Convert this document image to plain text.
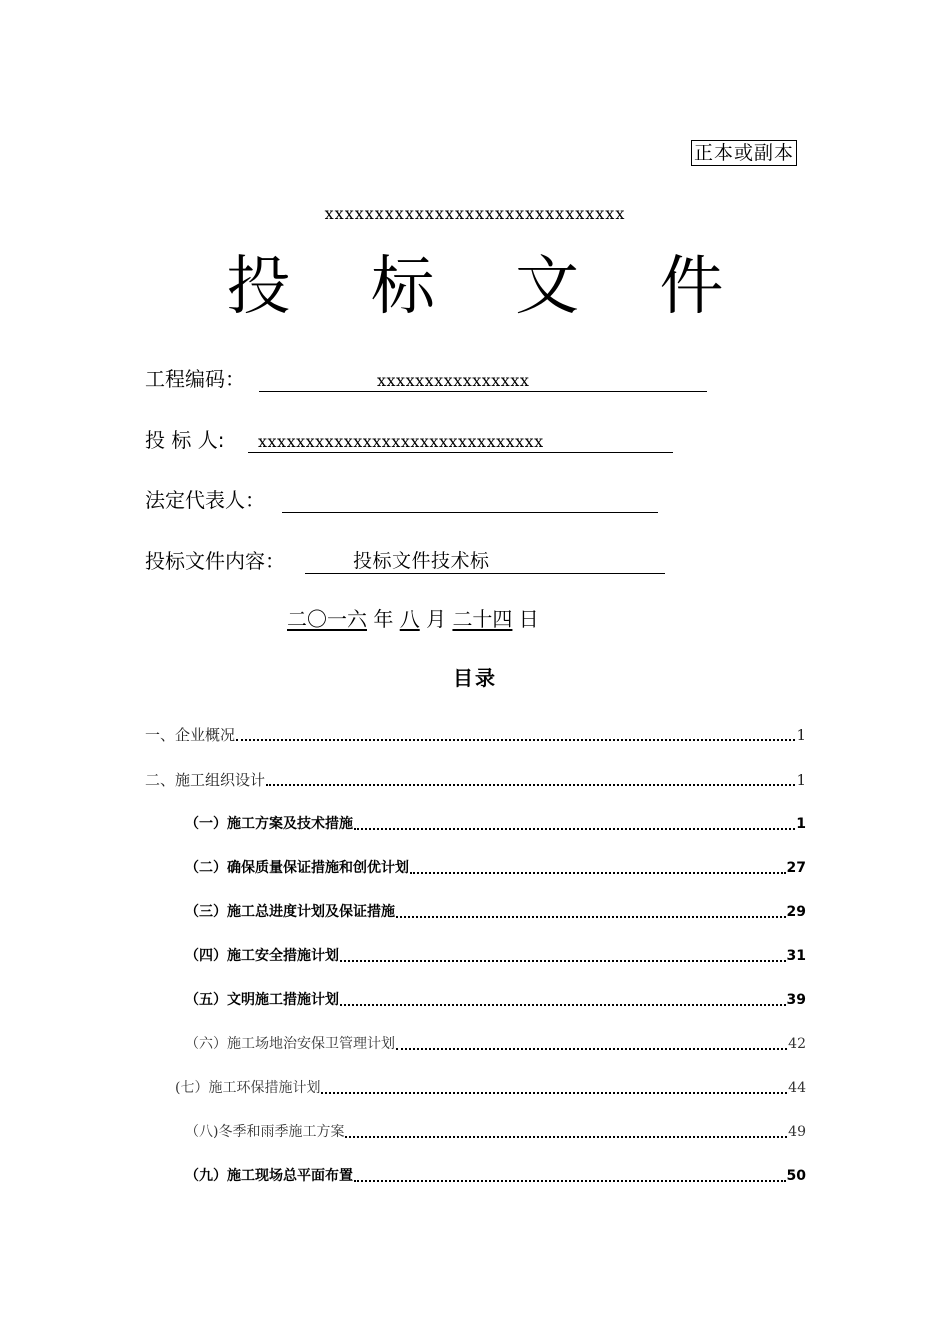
正本或副本
xxxxxxxxxxxxxxxxxxxxxxxxxxxxxx
投 标 文 件
工程编码：	xxxxxxxxxxxxxxxx
投 标 人: xxxxxxxxxxxxxxxxxxxxxxxxxxxxxx
法定代表人：
投标文件内容：	投标文件技术标
二〇一六 年 八 月 二十四 日
目录
一、企业概况	1
二、施工组织设计	1
（一）施工方案及技术措施	1
（二）确保质量保证措施和创优计划	27
（三）施工总进度计划及保证措施	29
（四）施工安全措施计划	31
（五）文明施工措施计划	39
（六）施工场地治安保卫管理计划	42
(七）施工环保措施计划	44
（八)冬季和雨季施工方案	49
（九）施工现场总平面布置	50
